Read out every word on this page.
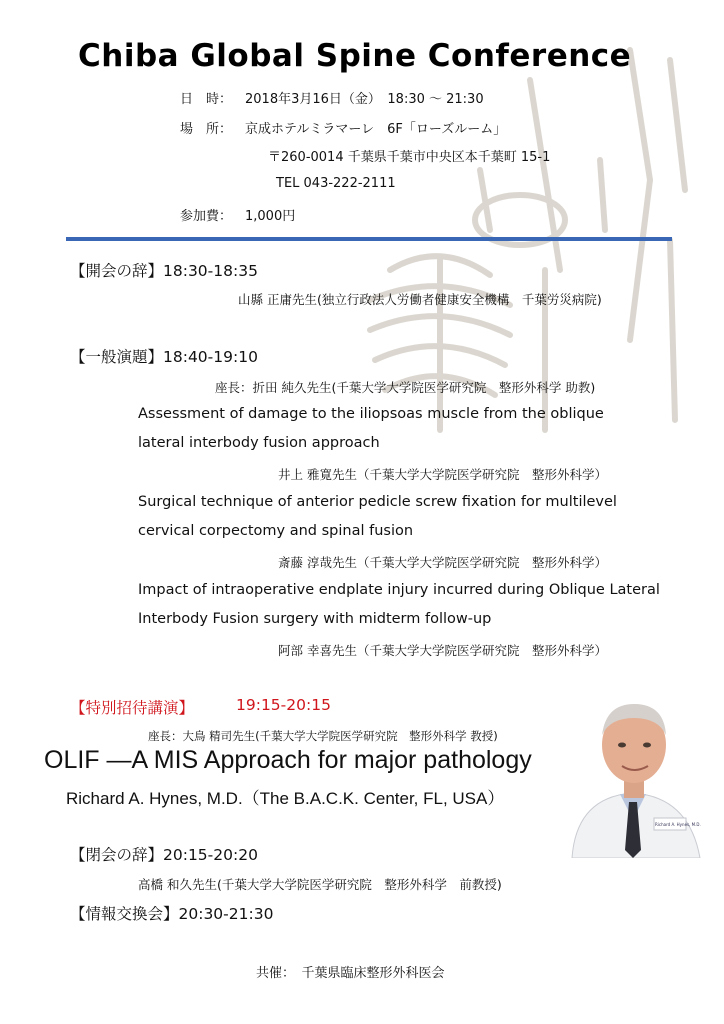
Chiba Global Spine Conference
日　時： 2018年3月16日（金）　18:30 ～ 21:30
場　所： 京成ホテルミラマーレ　6F「ローズルーム」
〒260-0014 千葉県千葉市中央区本千葉町 15-1
TEL 043-222-2111
参加費： 1,000円
【開会の辞】18:30-18:35
山縣 正庸先生(独立行政法人労働者健康安全機構　千葉労災病院)
【一般演題】18:40-19:10
座長：折田 純久先生(千葉大学大学院医学研究院　整形外科学 助教)
Assessment of damage to the iliopsoas muscle from the oblique
lateral interbody fusion approach
井上 雅寛先生（千葉大学大学院医学研究院　整形外科学）
Surgical technique of anterior pedicle screw fixation for multilevel
cervical corpectomy and spinal fusion
斎藤 淳哉先生（千葉大学大学院医学研究院　整形外科学）
Impact of intraoperative endplate injury incurred during Oblique Lateral
Interbody Fusion surgery with midterm follow-up
阿部 幸喜先生（千葉大学大学院医学研究院　整形外科学）
【特別招待講演】	19:15-20:15
座長：大鳥 精司先生(千葉大学大学院医学研究院　整形外科学 教授)
OLIF —A MIS Approach for major pathology
Richard A. Hynes, M.D.（The B.A.C.K. Center, FL, USA）
Richard A. Hynes, M.D.
【閉会の辞】20:15-20:20
高橋 和久先生(千葉大学大学院医学研究院　整形外科学　前教授)
【情報交換会】20:30-21:30
共催：　千葉県臨床整形外科医会
